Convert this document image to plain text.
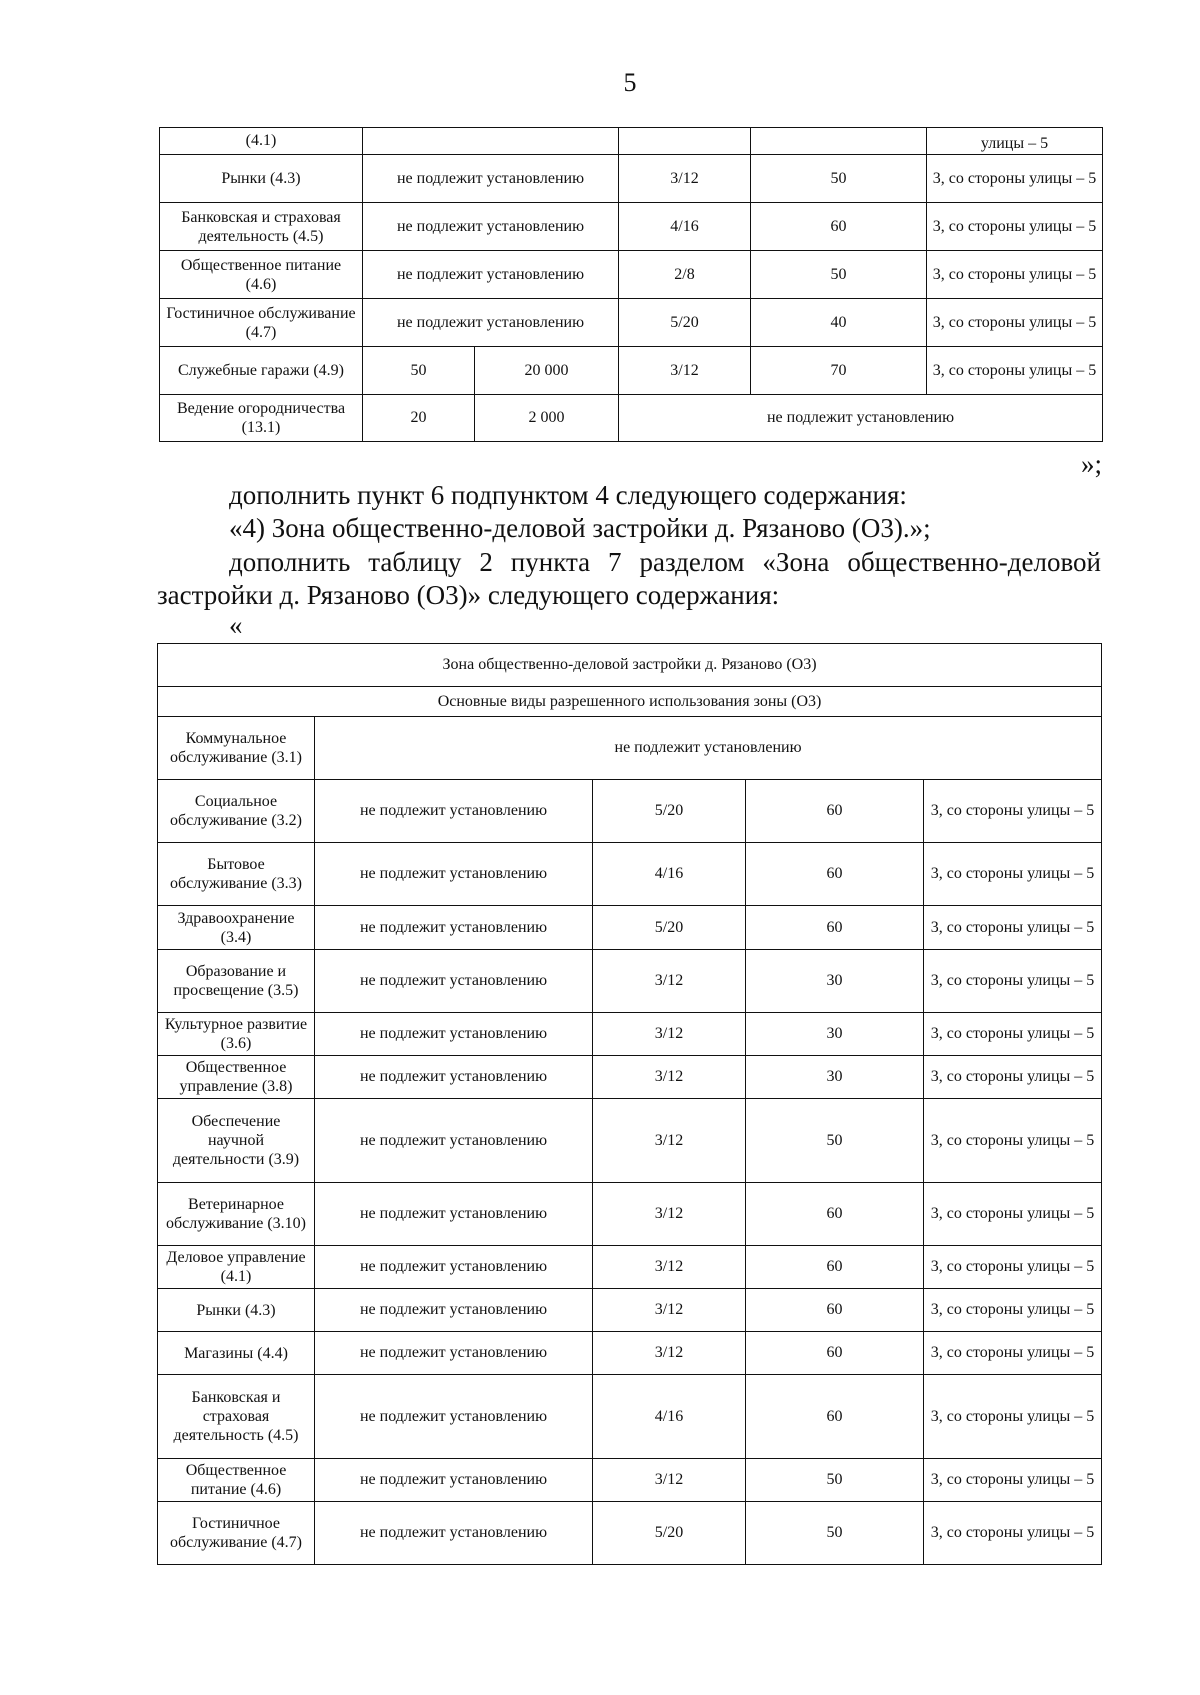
5
(4.1)					улицы – 5
Рынки (4.3)	не подлежит установлению		3/12	50	3, со стороны улицы – 5
Банковская и страховая деятельность (4.5)	не подлежит установлению		4/16	60	3, со стороны улицы – 5
Общественное питание (4.6)	не подлежит установлению		2/8	50	3, со стороны улицы – 5
Гостиничное обслуживание (4.7)	не подлежит установлению		5/20	40	3, со стороны улицы – 5
Служебные гаражи (4.9)	50	20 000	3/12	70	3, со стороны улицы – 5
Ведение огородничества (13.1)	20	2 000	не подлежит установлению		
»;
дополнить пункт 6 подпунктом 4 следующего содержания:
«4) Зона общественно-деловой застройки д. Рязаново (О3).»;
дополнить таблицу 2 пункта 7 разделом «Зона общественно-деловой
застройки д. Рязаново (О3)» следующего содержания:
«
Зона общественно-деловой застройки д. Рязаново (О3)				
Основные виды разрешенного использования зоны (О3)				
Коммунальное обслуживание (3.1)	не подлежит установлению			
Социальное обслуживание (3.2)	не подлежит установлению	5/20	60	3, со стороны улицы – 5
Бытовое обслуживание (3.3)	не подлежит установлению	4/16	60	3, со стороны улицы – 5
Здравоохранение (3.4)	не подлежит установлению	5/20	60	3, со стороны улицы – 5
Образование и просвещение (3.5)	не подлежит установлению	3/12	30	3, со стороны улицы – 5
Культурное развитие (3.6)	не подлежит установлению	3/12	30	3, со стороны улицы – 5
Общественное управление (3.8)	не подлежит установлению	3/12	30	3, со стороны улицы – 5
Обеспечение научной деятельности (3.9)	не подлежит установлению	3/12	50	3, со стороны улицы – 5
Ветеринарное обслуживание (3.10)	не подлежит установлению	3/12	60	3, со стороны улицы – 5
Деловое управление (4.1)	не подлежит установлению	3/12	60	3, со стороны улицы – 5
Рынки (4.3)	не подлежит установлению	3/12	60	3, со стороны улицы – 5
Магазины (4.4)	не подлежит установлению	3/12	60	3, со стороны улицы – 5
Банковская и страховая деятельность (4.5)	не подлежит установлению	4/16	60	3, со стороны улицы – 5
Общественное питание (4.6)	не подлежит установлению	3/12	50	3, со стороны улицы – 5
Гостиничное обслуживание (4.7)	не подлежит установлению	5/20	50	3, со стороны улицы – 5
